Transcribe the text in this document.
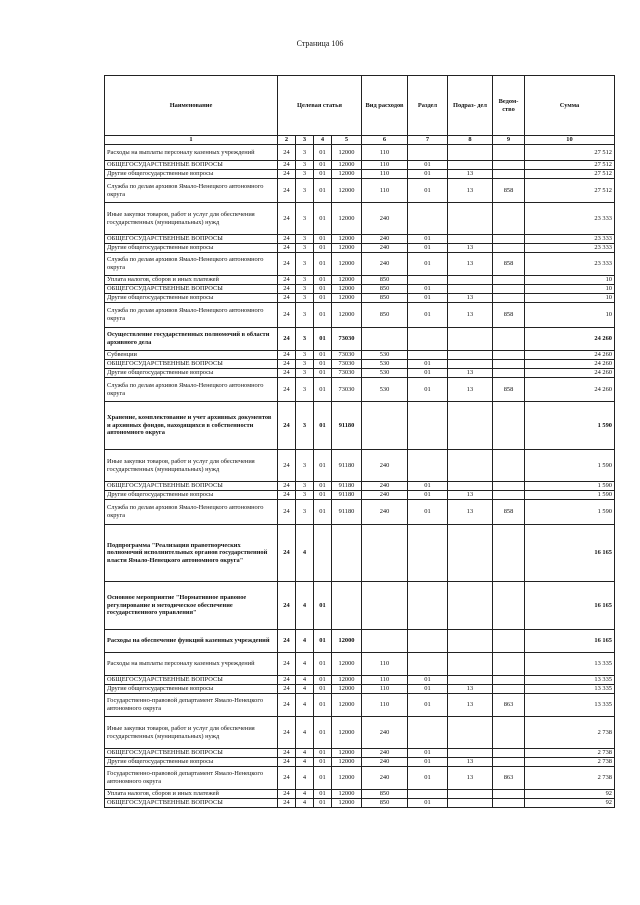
Страница 106
Наименование	Целевая статья				Вид расходов	Раздел	Подраз- дел	Ведом- ство	Сумма
1	2	3	4	5	6	7	8	9	10
Расходы на выплаты персоналу казенных учреждений	24	3	01	12000	110				27 512
ОБЩЕГОСУДАРСТВЕННЫЕ ВОПРОСЫ	24	3	01	12000	110	01			27 512
Другие общегосударственные вопросы	24	3	01	12000	110	01	13		27 512
Служба по делам архивов Ямало-Ненецкого автономного округа	24	3	01	12000	110	01	13	858	27 512
Иные закупки товаров, работ и услуг для обеспечения государственных (муниципальных) нужд	24	3	01	12000	240				23 333
ОБЩЕГОСУДАРСТВЕННЫЕ ВОПРОСЫ	24	3	01	12000	240	01			23 333
Другие общегосударственные вопросы	24	3	01	12000	240	01	13		23 333
Служба по делам архивов Ямало-Ненецкого автономного округа	24	3	01	12000	240	01	13	858	23 333
Уплата налогов, сборов и иных платежей	24	3	01	12000	850				10
ОБЩЕГОСУДАРСТВЕННЫЕ ВОПРОСЫ	24	3	01	12000	850	01			10
Другие общегосударственные вопросы	24	3	01	12000	850	01	13		10
Служба по делам архивов Ямало-Ненецкого автономного округа	24	3	01	12000	850	01	13	858	10
Осуществление государственных полномочий в области архивного дела	24	3	01	73030					24 260
Субвенции	24	3	01	73030	530				24 260
ОБЩЕГОСУДАРСТВЕННЫЕ ВОПРОСЫ	24	3	01	73030	530	01			24 260
Другие общегосударственные вопросы	24	3	01	73030	530	01	13		24 260
Служба по делам архивов Ямало-Ненецкого автономного округа	24	3	01	73030	530	01	13	858	24 260
Хранение, комплектование и учет архивных документов и архивных фондов, находящихся в собственности автономного округа	24	3	01	91180					1 590
Иные закупки товаров, работ и услуг для обеспечения государственных (муниципальных) нужд	24	3	01	91180	240				1 590
ОБЩЕГОСУДАРСТВЕННЫЕ ВОПРОСЫ	24	3	01	91180	240	01			1 590
Другие общегосударственные вопросы	24	3	01	91180	240	01	13		1 590
Служба по делам архивов Ямало-Ненецкого автономного округа	24	3	01	91180	240	01	13	858	1 590
Подпрограмма "Реализация правотворческих полномочий исполнительных органов государственной власти Ямало-Ненецкого автономного округа"	24	4							16 165
Основное мероприятие "Нормативное правовое регулирование и методическое обеспечение государственного управления"	24	4	01						16 165
Расходы на обеспечение функций казенных учреждений	24	4	01	12000					16 165
Расходы на выплаты персоналу казенных учреждений	24	4	01	12000	110				13 335
ОБЩЕГОСУДАРСТВЕННЫЕ ВОПРОСЫ	24	4	01	12000	110	01			13 335
Другие общегосударственные вопросы	24	4	01	12000	110	01	13		13 335
Государственно-правовой департамент Ямало-Ненецкого автономного округа	24	4	01	12000	110	01	13	863	13 335
Иные закупки товаров, работ и услуг для обеспечения государственных (муниципальных) нужд	24	4	01	12000	240				2 738
ОБЩЕГОСУДАРСТВЕННЫЕ ВОПРОСЫ	24	4	01	12000	240	01			2 738
Другие общегосударственные вопросы	24	4	01	12000	240	01	13		2 738
Государственно-правовой департамент Ямало-Ненецкого автономного округа	24	4	01	12000	240	01	13	863	2 738
Уплата налогов, сборов и иных платежей	24	4	01	12000	850				92
ОБЩЕГОСУДАРСТВЕННЫЕ ВОПРОСЫ	24	4	01	12000	850	01			92
